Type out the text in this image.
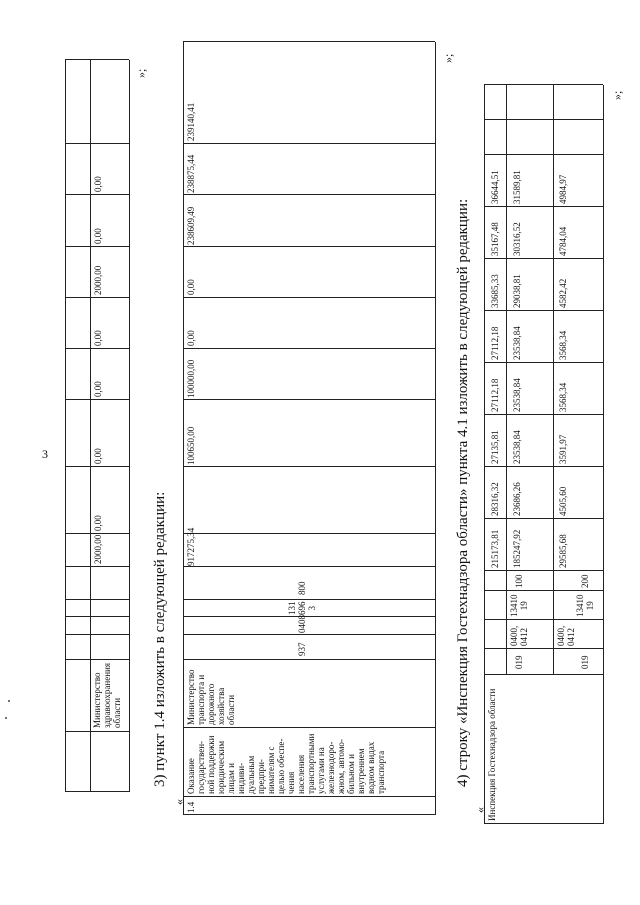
3
Министерство
здравоохранения
области
2000,00
0,00
0,00
0,00
0,00
2000,00
0,00
0,00
»;
3) пункт 1.4 изложить в следующей редакции:
« 1.4
Оказание
государствен-
ной поддержки
юридическим
лицам и
индиви-
дуальным
предпри-
нимателям с
целью обеспе-
чения
населения
транспортными
услугами на
железнодоро-
жном, автомо-
бильном и
внутреннем
водном видах
транспорта
Министерство
транспорта и
дорожного
хозяйства
области
937
0408
131
696
3
800
917275,34
100650,00
100000,00
0,00
0,00
238609,49
238875,44
239140,41
»;
4) строку «Инспекция Гостехнадзора области» пункта 4.1 изложить в следующей редакции:
« Инспекция Гостехнадзора области
215173,81
28316,32
27135,81
27112,18
27112,18
33685,33
35167,48
36644,51
019
0400,
0412
13410
19
100
185247,92
23686,26
23538,84
23538,84
23538,84
29038,81
30316,52
31589,81
019
0400,
0412
13410
19
200
29585,68
4505,60
3591,97
3568,34
3568,34
4582,42
4784,04
4984,97
»;
